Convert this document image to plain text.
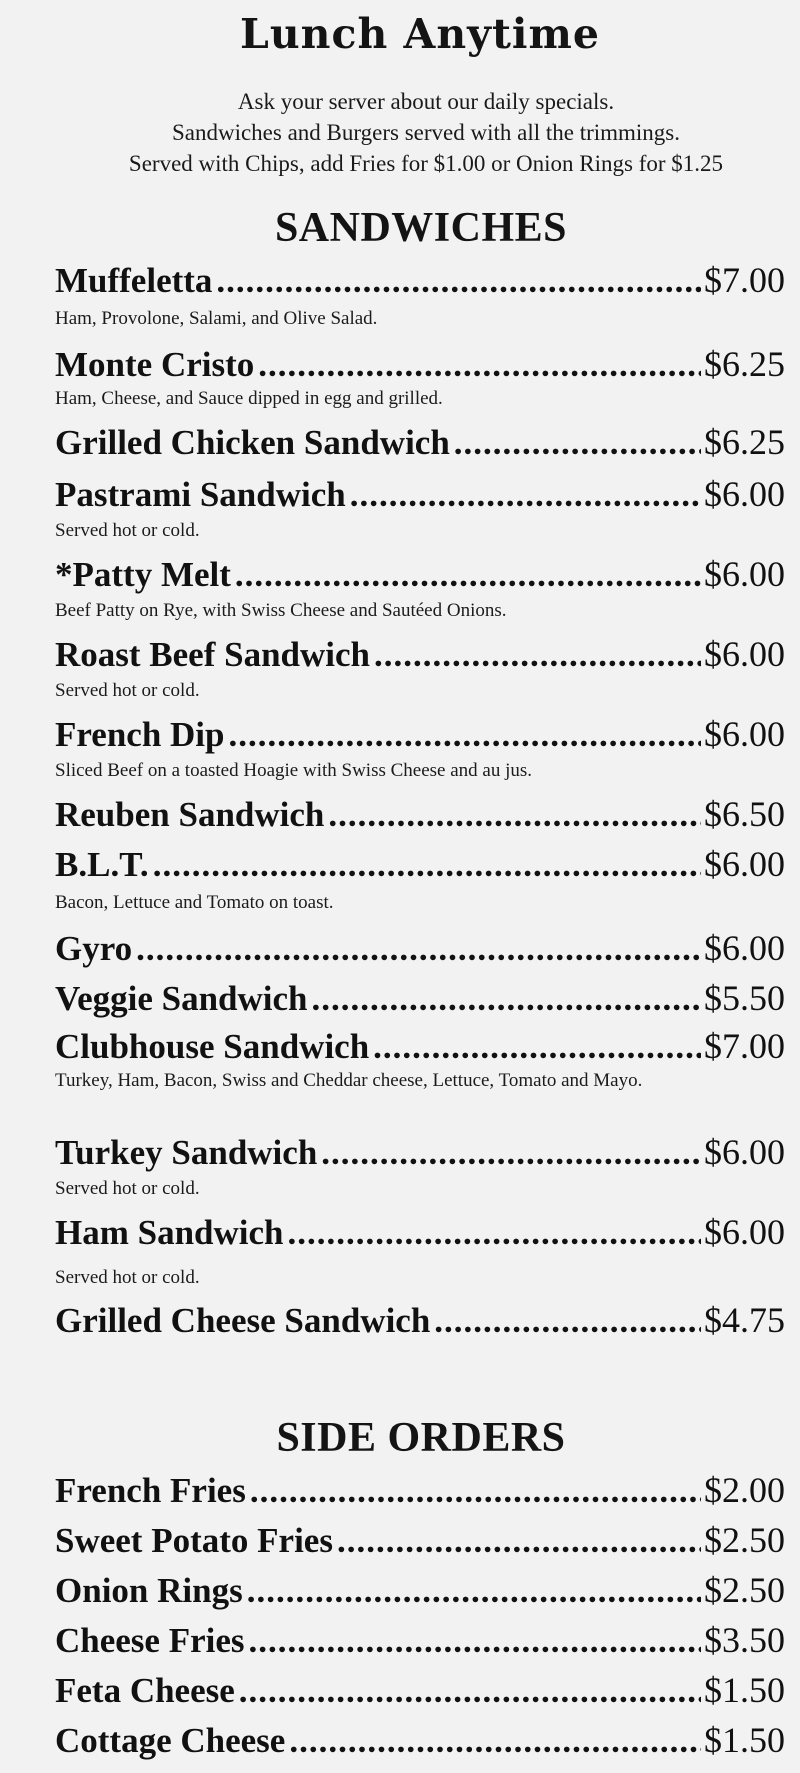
Lunch Anytime
Ask your server about our daily specials.
Sandwiches and Burgers served with all the trimmings.
Served with Chips, add Fries for $1.00 or Onion Rings for $1.25
SANDWICHES
Muffeletta .....	$7.00
Ham, Provolone, Salami, and Olive Salad.
Monte Cristo .....	$6.25
Ham, Cheese, and Sauce dipped in egg and grilled.
Grilled Chicken Sandwich .....	$6.25
Pastrami Sandwich .....	$6.00
Served hot or cold.
*Patty Melt .....	$6.00
Beef Patty on Rye, with Swiss Cheese and Sautéed Onions.
Roast Beef Sandwich .....	$6.00
Served hot or cold.
French Dip .....	$6.00
Sliced Beef on a toasted Hoagie with Swiss Cheese and au jus.
Reuben Sandwich .....	$6.50
B.L.T. .....	$6.00
Bacon, Lettuce and Tomato on toast.
Gyro .....	$6.00
Veggie Sandwich .....	$5.50
Clubhouse Sandwich .....	$7.00
Turkey, Ham, Bacon, Swiss and Cheddar cheese, Lettuce, Tomato and Mayo.
Turkey Sandwich .....	$6.00
Served hot or cold.
Ham Sandwich .....	$6.00
Served hot or cold.
Grilled Cheese Sandwich .....	$4.75
SIDE ORDERS
French Fries .....	$2.00
Sweet Potato Fries .....	$2.50
Onion Rings .....	$2.50
Cheese Fries .....	$3.50
Feta Cheese .....	$1.50
Cottage Cheese .....	$1.50
